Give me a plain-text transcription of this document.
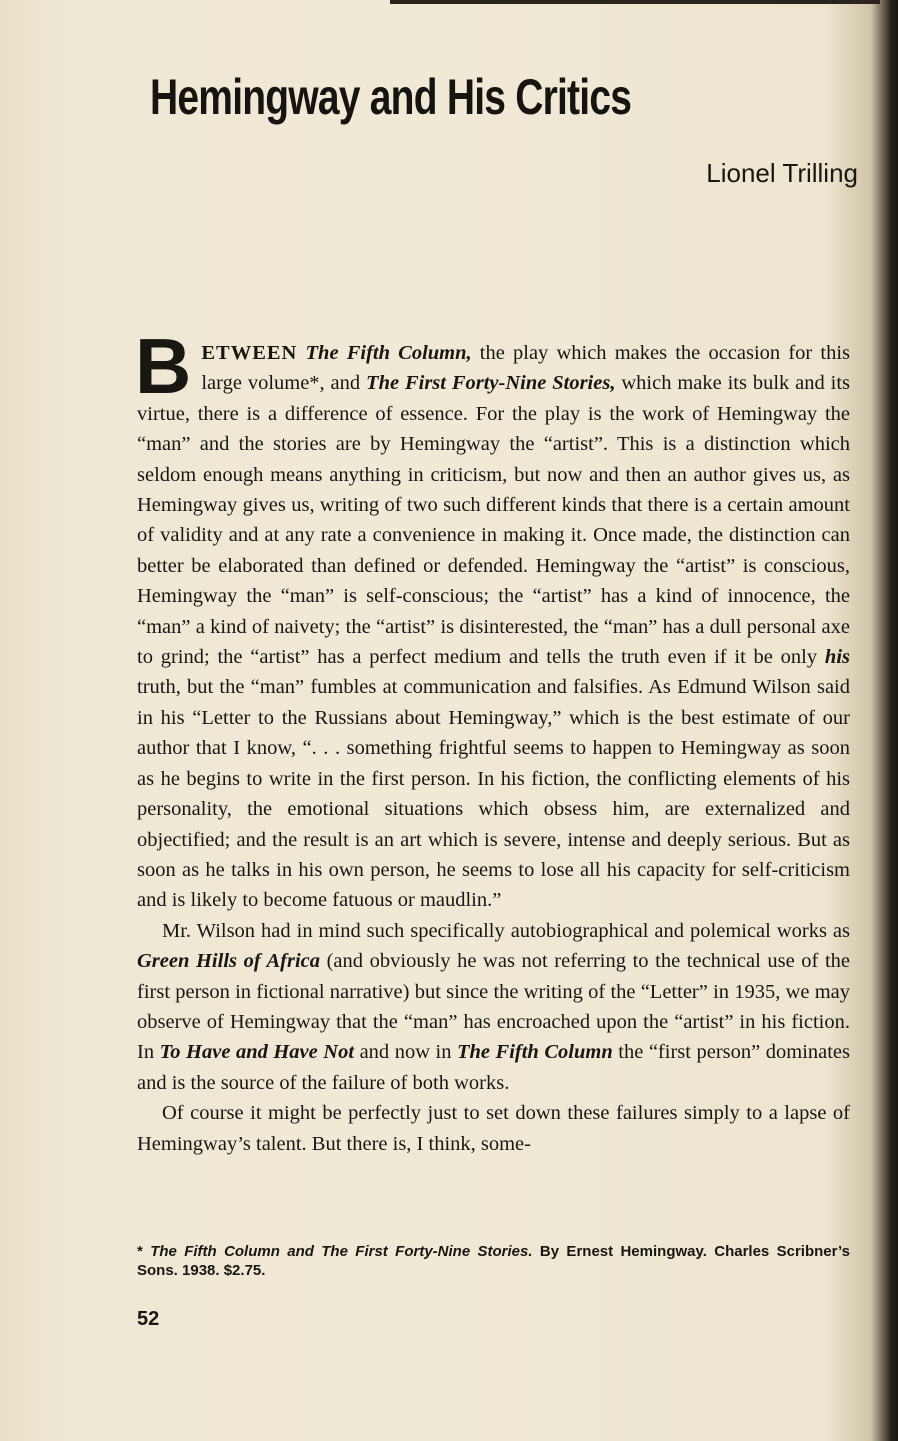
Hemingway and His Critics
Lionel Trilling

BETWEEN The Fifth Column, the play which makes the occasion for this large volume*, and The First Forty-Nine Stories, which make its bulk and its virtue, there is a difference of essence. For the play is the work of Hemingway the “man” and the stories are by Hemingway the “artist”. This is a distinction which seldom enough means anything in criticism, but now and then an author gives us, as Hemingway gives us, writing of two such different kinds that there is a certain amount of validity and at any rate a convenience in making it. Once made, the distinction can better be elaborated than defined or defended. Hemingway the “artist” is conscious, Hemingway the “man” is self-conscious; the “artist” has a kind of innocence, the “man” a kind of naivety; the “artist” is disinterested, the “man” has a dull personal axe to grind; the “artist” has a perfect medium and tells the truth even if it be only his truth, but the “man” fumbles at communication and falsifies. As Edmund Wilson said in his “Letter to the Russians about Hemingway,” which is the best estimate of our author that I know, “. . . something frightful seems to happen to Hemingway as soon as he begins to write in the first person. In his fiction, the conflicting elements of his personality, the emotional situations which obsess him, are externalized and objectified; and the result is an art which is severe, intense and deeply serious. But as soon as he talks in his own person, he seems to lose all his capacity for self-criticism and is likely to become fatuous or maudlin.”

Mr. Wilson had in mind such specifically autobiographical and polemical works as Green Hills of Africa (and obviously he was not referring to the technical use of the first person in fictional narrative) but since the writing of the “Letter” in 1935, we may observe of Hemingway that the “man” has encroached upon the “artist” in his fiction. In To Have and Have Not and now in The Fifth Column the “first person” dominates and is the source of the failure of both works.

Of course it might be perfectly just to set down these failures simply to a lapse of Hemingway’s talent. But there is, I think, some-

* The Fifth Column and The First Forty-Nine Stories. By Ernest Hemingway. Charles Scribner’s Sons. 1938. $2.75.
52
